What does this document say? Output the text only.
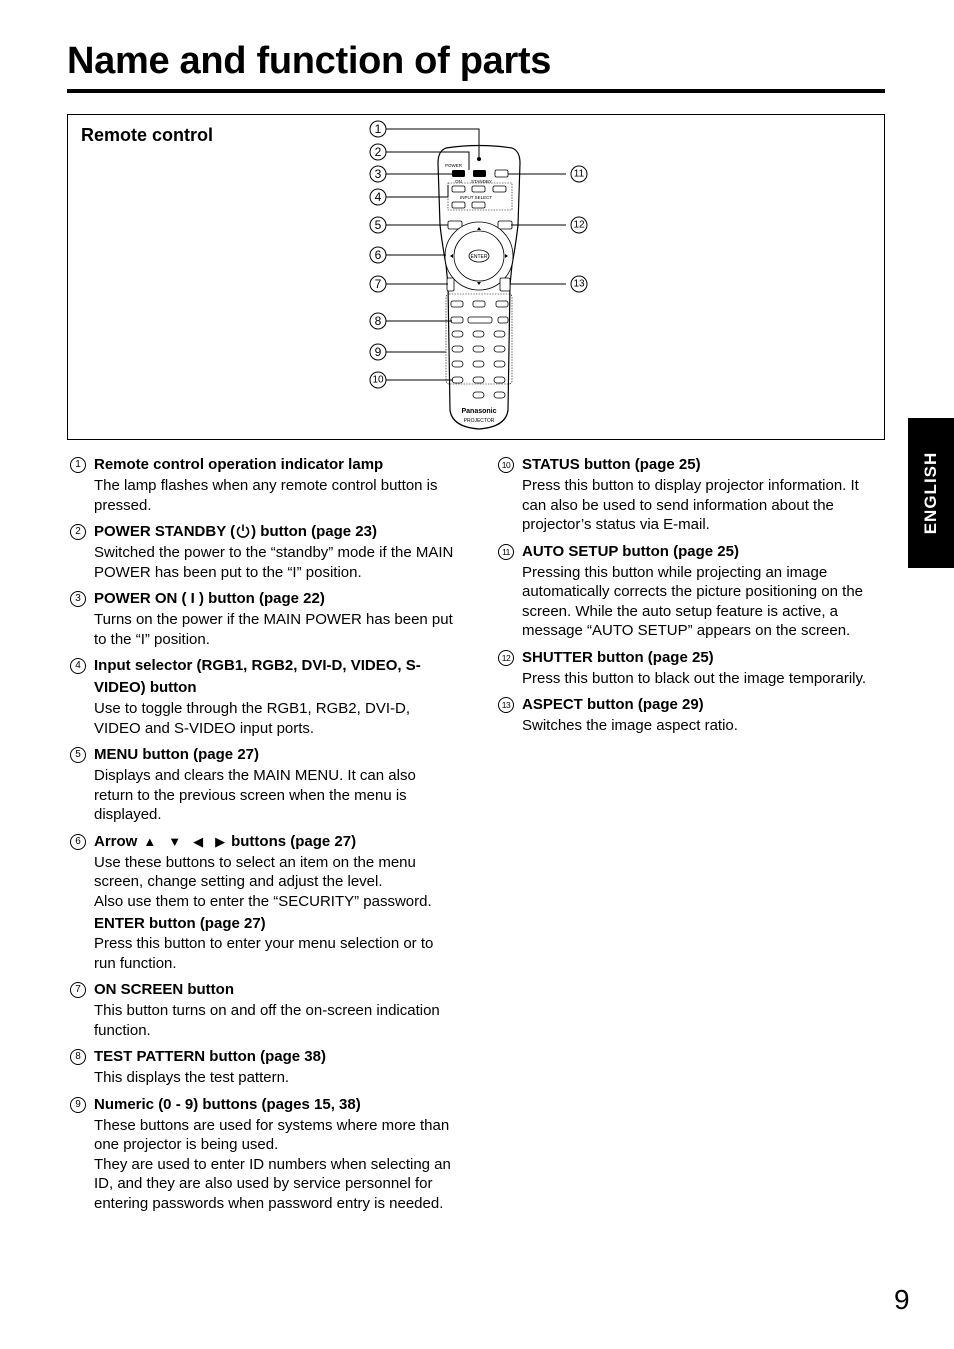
Name and function of parts
Remote control
POWER
ON STANDBY
INPUT SELECT
ENTER
Panasonic
PROJECTOR
1
2
3
4
5
6
7
8
9
10
11
12
13
1 Remote control operation indicator lamp
The lamp flashes when any remote control button is pressed.
2 POWER STANDBY ( ) button (page 23)
Switched the power to the “standby” mode if the MAIN POWER has been put to the “I” position.
3 POWER ON ( I ) button (page 22)
Turns on the power if the MAIN POWER has been put to the “I” position.
4 Input selector (RGB1, RGB2, DVI-D, VIDEO, S-VIDEO) button
Use to toggle through the RGB1, RGB2, DVI-D, VIDEO and S-VIDEO input ports.
5 MENU button (page 27)
Displays and clears the MAIN MENU. It can also return to the previous screen when the menu is displayed.
6 Arrow ▲ ▼ ◀ ▶ buttons (page 27)
Use these buttons to select an item on the menu screen, change setting and adjust the level.
Also use them to enter the “SECURITY” password.
ENTER button (page 27)
Press this button to enter your menu selection or to run function.
7 ON SCREEN button
This button turns on and off the on-screen indication function.
8 TEST PATTERN button (page 38)
This displays the test pattern.
9 Numeric (0 - 9) buttons (pages 15, 38)
These buttons are used for systems where more than one projector is being used.
They are used to enter ID numbers when selecting an ID, and they are also used by service personnel for entering passwords when password entry is needed.
10 STATUS button (page 25)
Press this button to display projector information. It can also be used to send information about the projector’s status via E-mail.
11 AUTO SETUP button (page 25)
Pressing this button while projecting an image automatically corrects the picture positioning on the screen. While the auto setup feature is active, a message “AUTO SETUP” appears on the screen.
12 SHUTTER button (page 25)
Press this button to black out the image temporarily.
13 ASPECT button (page 29)
Switches the image aspect ratio.
ENGLISH
9
